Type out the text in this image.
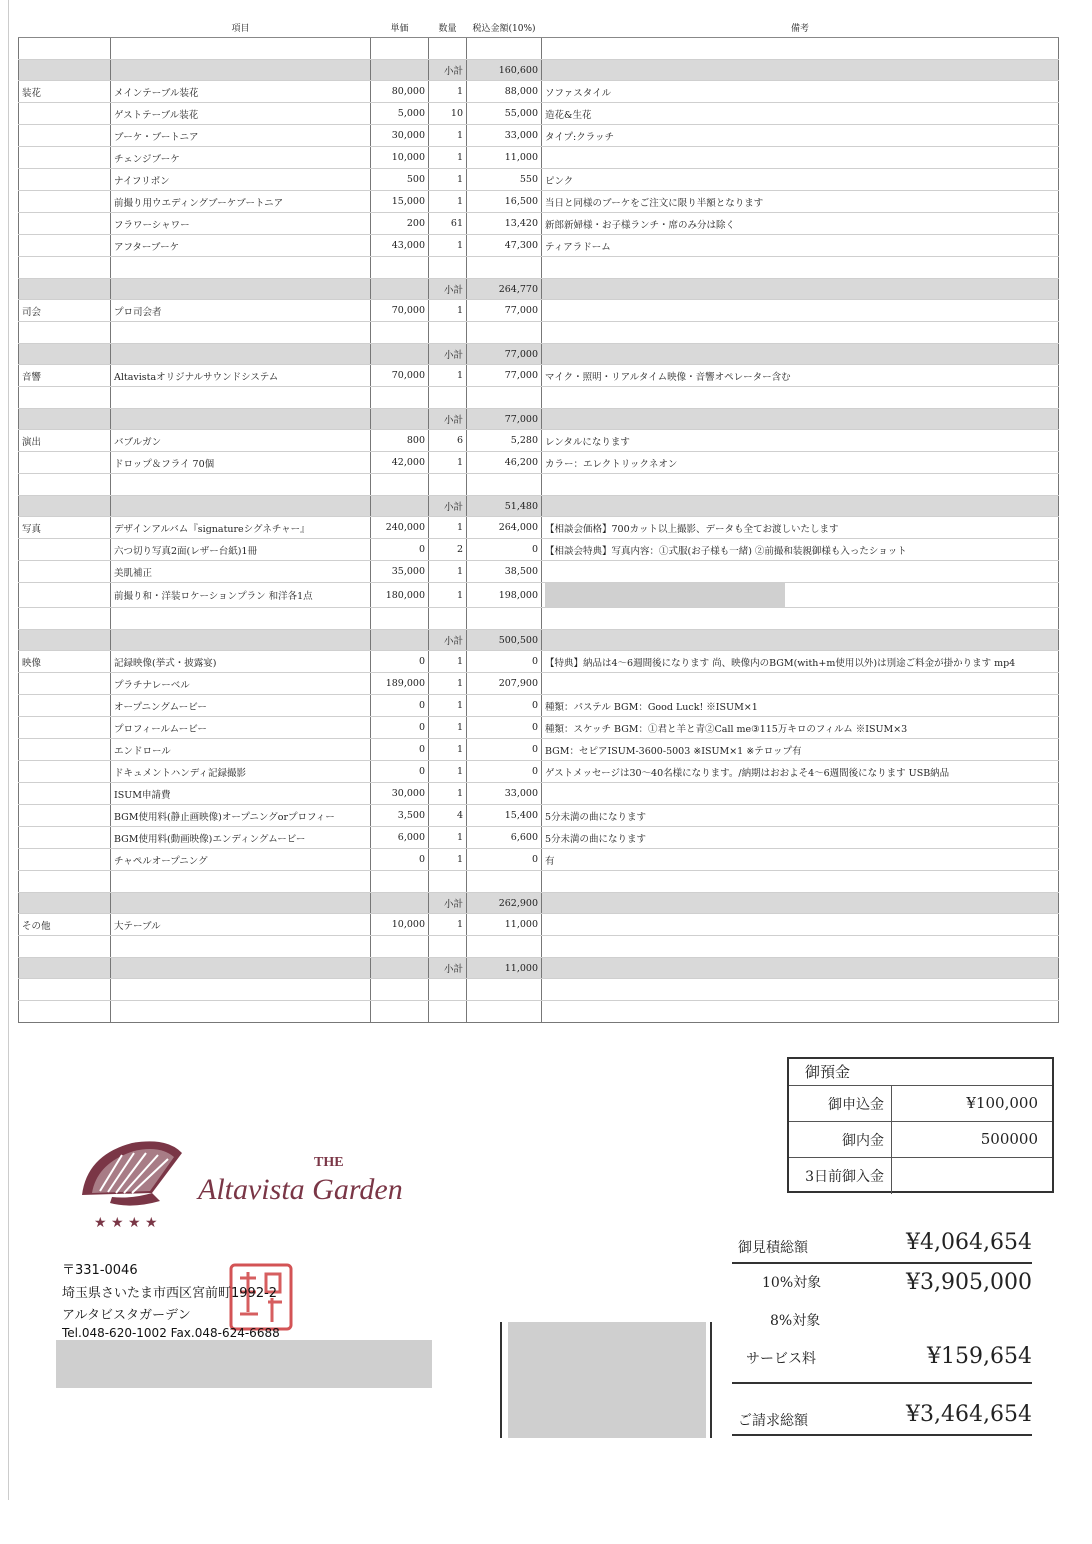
	項目	単価	数量	税込金額(10%)	備考

			小計	160,600	
装花	メインテーブル装花	80,000	1	88,000	ソファスタイル
	ゲストテーブル装花	5,000	10	55,000	造花&生花
	ブーケ・ブートニア	30,000	1	33,000	タイプ:クラッチ
	チェンジブーケ	10,000	1	11,000	
	ナイフリボン	500	1	550	ピンク
	前撮り用ウエディングブーケブートニア	15,000	1	16,500	当日と同様のブーケをご注文に限り半額となります
	フラワーシャワー	200	61	13,420	新郎新婦様・お子様ランチ・席のみ分は除く
	アフターブーケ	43,000	1	47,300	ティアラドーム

			小計	264,770	
司会	プロ司会者	70,000	1	77,000	

			小計	77,000	
音響	Altavistaオリジナルサウンドシステム	70,000	1	77,000	マイク・照明・リアルタイム映像・音響オペレーター含む

			小計	77,000	
演出	バブルガン	800	6	5,280	レンタルになります
	ドロップ＆フライ 70個	42,000	1	46,200	カラー：エレクトリックネオン

			小計	51,480	
写真	デザインアルバム『signatureシグネチャー』	240,000	1	264,000	【相談会価格】700カット以上撮影、データも全てお渡しいたします
	六つ切り写真2面(レザー台紙)1冊	0	2	0	【相談会特典】写真内容：①式服(お子様も一緒) ②前撮和装親御様も入ったショット
	美肌補正	35,000	1	38,500	
	前撮り和・洋装ロケーションプラン 和洋各1点	180,000	1	198,000	

			小計	500,500	
映像	記録映像(挙式・披露宴)	0	1	0	【特典】納品は4～6週間後になります 尚、映像内のBGM(with+m使用以外)は別途ご料金が掛かります mp4
	プラチナレーベル	189,000	1	207,900	
	オープニングムービー	0	1	0	種類：パステル BGM：Good Luck! ※ISUM×1
	プロフィールムービー	0	1	0	種類：スケッチ BGM：①君と羊と青②Call me③115万キロのフィルム ※ISUM×3
	エンドロール	0	1	0	BGM：セピアISUM-3600-5003 ※ISUM×1 ※テロップ有
	ドキュメントハンディ記録撮影	0	1	0	ゲストメッセージは30～40名様になります。/納期はおおよそ4～6週間後になります USB納品
	ISUM申請費	30,000	1	33,000	
	BGM使用料(静止画映像)オープニングorプロフィー	3,500	4	15,400	5分未満の曲になります
	BGM使用料(動画映像)エンディングムービー	6,000	1	6,600	5分未満の曲になります
	チャペルオープニング	0	1	0	有

			小計	262,900	
その他	大テーブル	10,000	1	11,000	

			小計	11,000	

御預金
御申込金	¥100,000
御内金	500000
3日前御入金
御見積総額	¥4,064,654
10%対象	¥3,905,000
8%対象
サービス料	¥159,654
ご請求総額	¥3,464,654
★ ★ ★ ★
THE
Altavista Garden
〒331-0046
埼玉県さいたま市西区宮前町1992-2
アルタビスタガーデン
Tel.048-620-1002 Fax.048-624-6688
